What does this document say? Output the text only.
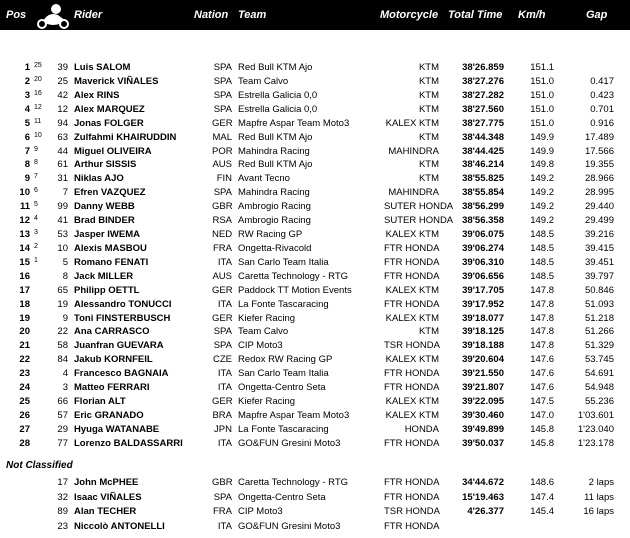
Pos	Rider	Nation Team	Motorcycle Total Time Km/h	Gap
1 25	39 Luis SALOM	SPA Red Bull KTM Ajo	KTM	38'26.859	151.1
2 20	25 Maverick VIÑALES	SPA Team Calvo	KTM	38'27.276	151.0	0.417
3 16	42 Alex RINS	SPA Estrella Galicia 0,0	KTM	38'27.282	151.0	0.423
4 12	12 Alex MARQUEZ	SPA Estrella Galicia 0,0	KTM	38'27.560	151.0	0.701
5 11	94 Jonas FOLGER	GER Mapfre Aspar Team Moto3	KALEX KTM	38'27.775	151.0	0.916
6 10	63 Zulfahmi KHAIRUDDIN	MAL Red Bull KTM Ajo	KTM	38'44.348	149.9	17.489
7 9	44 Miguel OLIVEIRA	POR Mahindra Racing	MAHINDRA	38'44.425	149.9	17.566
8 8	61 Arthur SISSIS	AUS Red Bull KTM Ajo	KTM	38'46.214	149.8	19.355
9 7	31 Niklas AJO	FIN Avant Tecno	KTM	38'55.825	149.2	28.966
10 6	7 Efren VAZQUEZ	SPA Mahindra Racing	MAHINDRA	38'55.854	149.2	28.995
11 5	99 Danny WEBB	GBR Ambrogio Racing	SUTER HONDA 38'56.299	149.2	29.440
12 4	41 Brad BINDER	RSA Ambrogio Racing	SUTER HONDA 38'56.358	149.2	29.499
13 3	53 Jasper IWEMA	NED RW Racing GP	KALEX KTM	39'06.075	148.5	39.216
14 2	10 Alexis MASBOU	FRA Ongetta-Rivacold	FTR HONDA	39'06.274	148.5	39.415
15 1	5 Romano FENATI	ITA San Carlo Team Italia	FTR HONDA	39'06.310	148.5	39.451
16	8 Jack MILLER	AUS Caretta Technology - RTG	FTR HONDA	39'06.656	148.5	39.797
17	65 Philipp OETTL	GER Paddock TT Motion Events	KALEX KTM	39'17.705	147.8	50.846
18	19 Alessandro TONUCCI	ITA La Fonte Tascaracing	FTR HONDA	39'17.952	147.8	51.093
19	9 Toni FINSTERBUSCH	GER Kiefer Racing	KALEX KTM	39'18.077	147.8	51.218
20	22 Ana CARRASCO	SPA Team Calvo	KTM	39'18.125	147.8	51.266
21	58 Juanfran GUEVARA	SPA CIP Moto3	TSR HONDA	39'18.188	147.8	51.329
22	84 Jakub KORNFEIL	CZE Redox RW Racing GP	KALEX KTM	39'20.604	147.6	53.745
23	4 Francesco BAGNAIA	ITA San Carlo Team Italia	FTR HONDA	39'21.550	147.6	54.691
24	3 Matteo FERRARI	ITA Ongetta-Centro Seta	FTR HONDA	39'21.807	147.6	54.948
25	66 Florian ALT	GER Kiefer Racing	KALEX KTM	39'22.095	147.5	55.236
26	57 Eric GRANADO	BRA Mapfre Aspar Team Moto3	KALEX KTM	39'30.460	147.0	1'03.601
27	29 Hyuga WATANABE	JPN La Fonte Tascaracing	HONDA	39'49.899	145.8	1'23.040
28	77 Lorenzo BALDASSARRI	ITA GO&FUN Gresini Moto3	FTR HONDA	39'50.037	145.8	1'23.178
Not Classified
17 John McPHEE	GBR Caretta Technology - RTG	FTR HONDA	34'44.672	148.6	2 laps
32 Isaac VIÑALES	SPA Ongetta-Centro Seta	FTR HONDA	15'19.463	147.4	11 laps
89 Alan TECHER	FRA CIP Moto3	TSR HONDA	4'26.377	145.4	16 laps
23 Niccolò ANTONELLI	ITA GO&FUN Gresini Moto3	FTR HONDA
